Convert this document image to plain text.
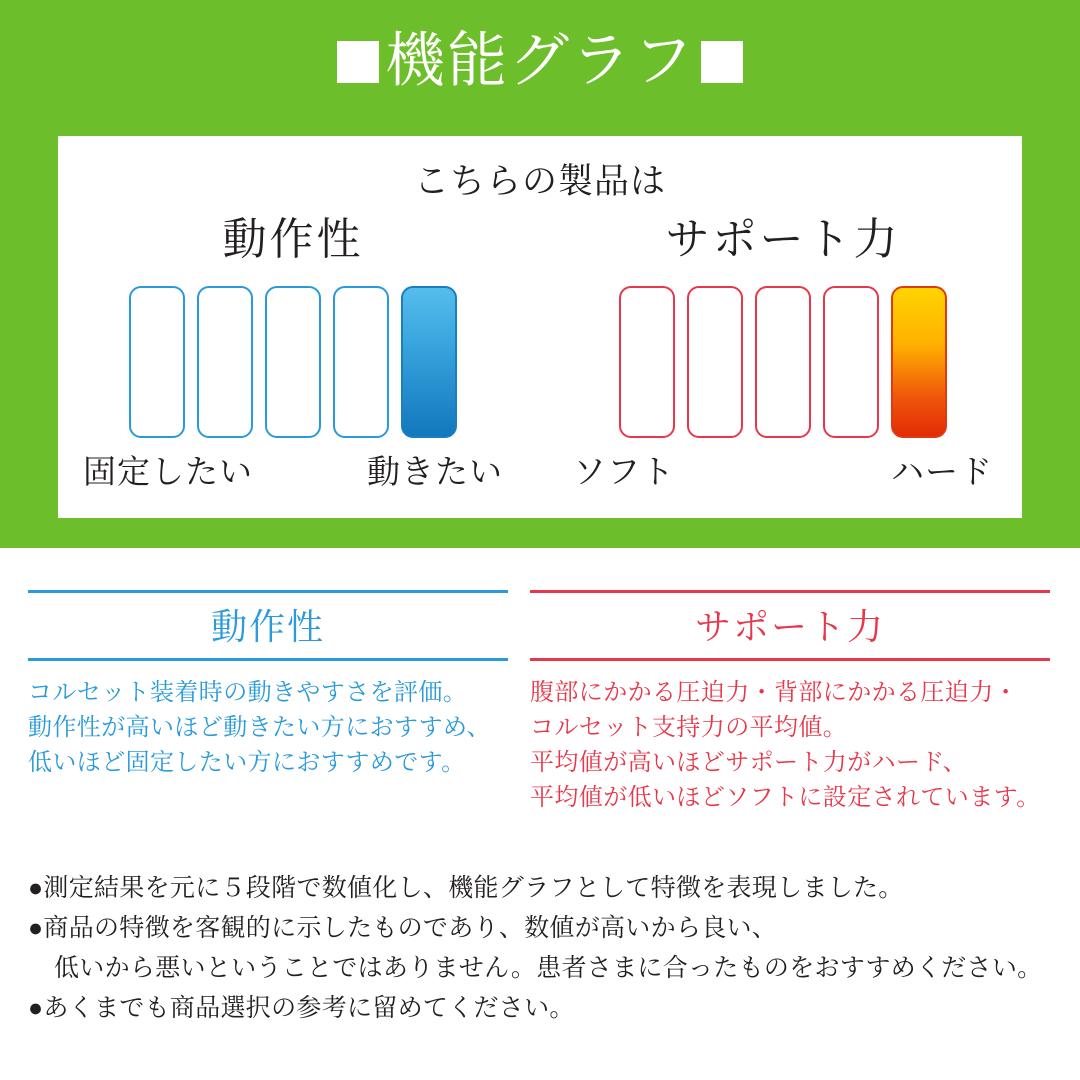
機能グラフ
こちらの製品は
動作性
固定したい	動きたい
サポート力
ソフト	ハード
動作性

コルセット装着時の動きやすさを評価。

動作性が高いほど動きたい方におすすめ、

低いほど固定したい方におすすめです。

サポート力

腹部にかかる圧迫力・背部にかかる圧迫力・

コルセット支持力の平均値。

平均値が高いほどサポート力がハード、

平均値が低いほどソフトに設定されています。

●測定結果を元に５段階で数値化し、機能グラフとして特徴を表現しました。

●商品の特徴を客観的に示したものであり、数値が高いから良い、

低いから悪いということではありません。患者さまに合ったものをおすすめください。

●あくまでも商品選択の参考に留めてください。
